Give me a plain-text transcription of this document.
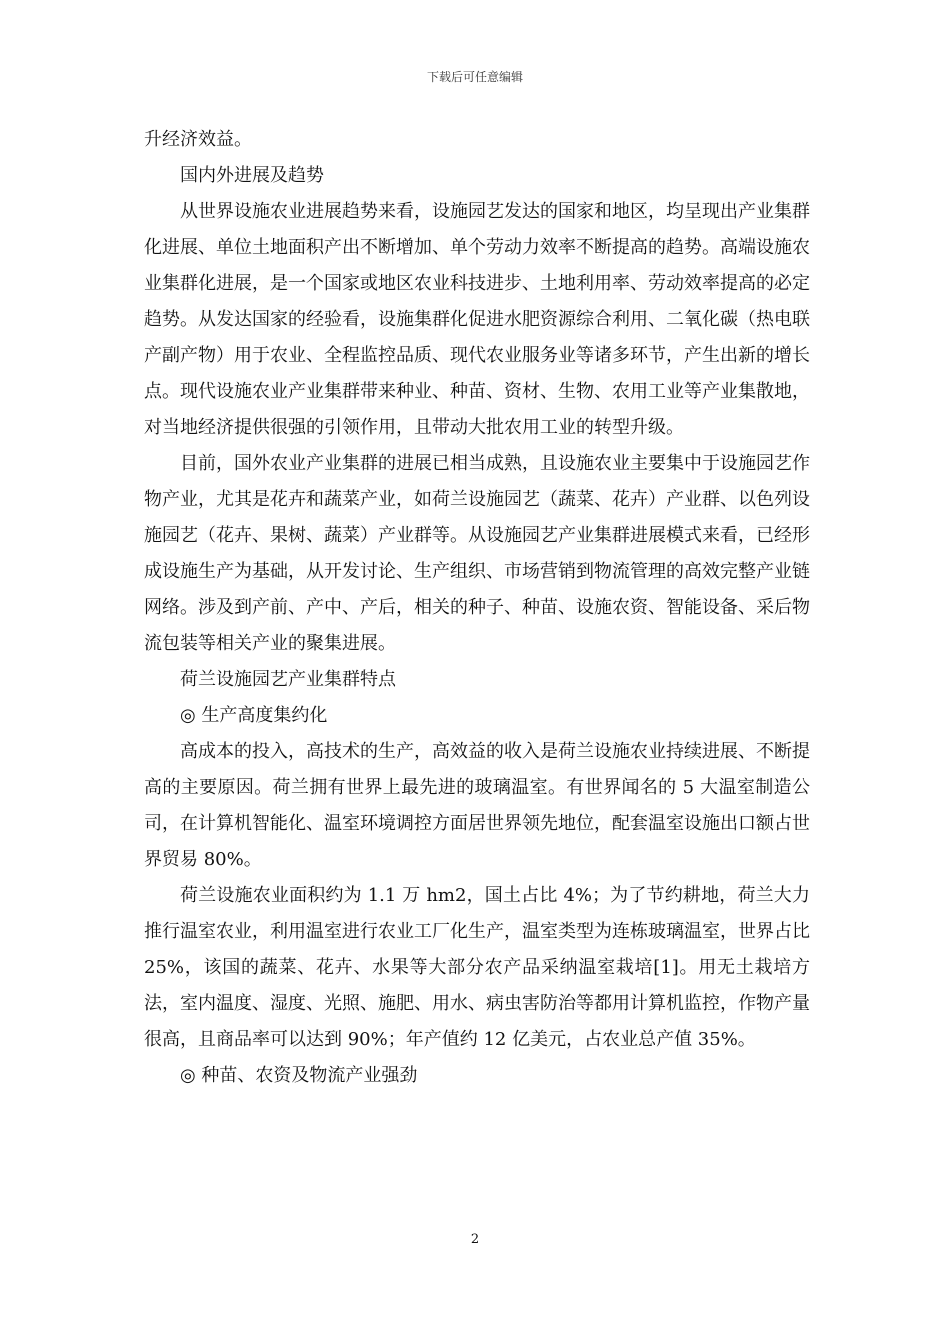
下载后可任意编辑

升经济效益。

国内外进展及趋势

从世界设施农业进展趋势来看，设施园艺发达的国家和地区，均呈现出产业集群化进展、单位土地面积产出不断增加、单个劳动力效率不断提高的趋势。高端设施农业集群化进展，是一个国家或地区农业科技进步、土地利用率、劳动效率提高的必定趋势。从发达国家的经验看，设施集群化促进水肥资源综合利用、二氧化碳（热电联产副产物）用于农业、全程监控品质、现代农业服务业等诸多环节，产生出新的增长点。现代设施农业产业集群带来种业、种苗、资材、生物、农用工业等产业集散地，对当地经济提供很强的引领作用，且带动大批农用工业的转型升级。

目前，国外农业产业集群的进展已相当成熟，且设施农业主要集中于设施园艺作物产业，尤其是花卉和蔬菜产业，如荷兰设施园艺（蔬菜、花卉）产业群、以色列设施园艺（花卉、果树、蔬菜）产业群等。从设施园艺产业集群进展模式来看，已经形成设施生产为基础，从开发讨论、生产组织、市场营销到物流管理的高效完整产业链网络。涉及到产前、产中、产后，相关的种子、种苗、设施农资、智能设备、采后物流包装等相关产业的聚集进展。

荷兰设施园艺产业集群特点

◎ 生产高度集约化

高成本的投入，高技术的生产，高效益的收入是荷兰设施农业持续进展、不断提高的主要原因。荷兰拥有世界上最先进的玻璃温室。有世界闻名的 5 大温室制造公司，在计算机智能化、温室环境调控方面居世界领先地位，配套温室设施出口额占世界贸易 80%。

荷兰设施农业面积约为 1.1 万 hm2，国土占比 4%；为了节约耕地，荷兰大力推行温室农业，利用温室进行农业工厂化生产，温室类型为连栋玻璃温室，世界占比 25%，该国的蔬菜、花卉、水果等大部分农产品采纳温室栽培[1]。用无土栽培方法，室内温度、湿度、光照、施肥、用水、病虫害防治等都用计算机监控，作物产量很高，且商品率可以达到 90%；年产值约 12 亿美元，占农业总产值 35%。

◎ 种苗、农资及物流产业强劲

2
